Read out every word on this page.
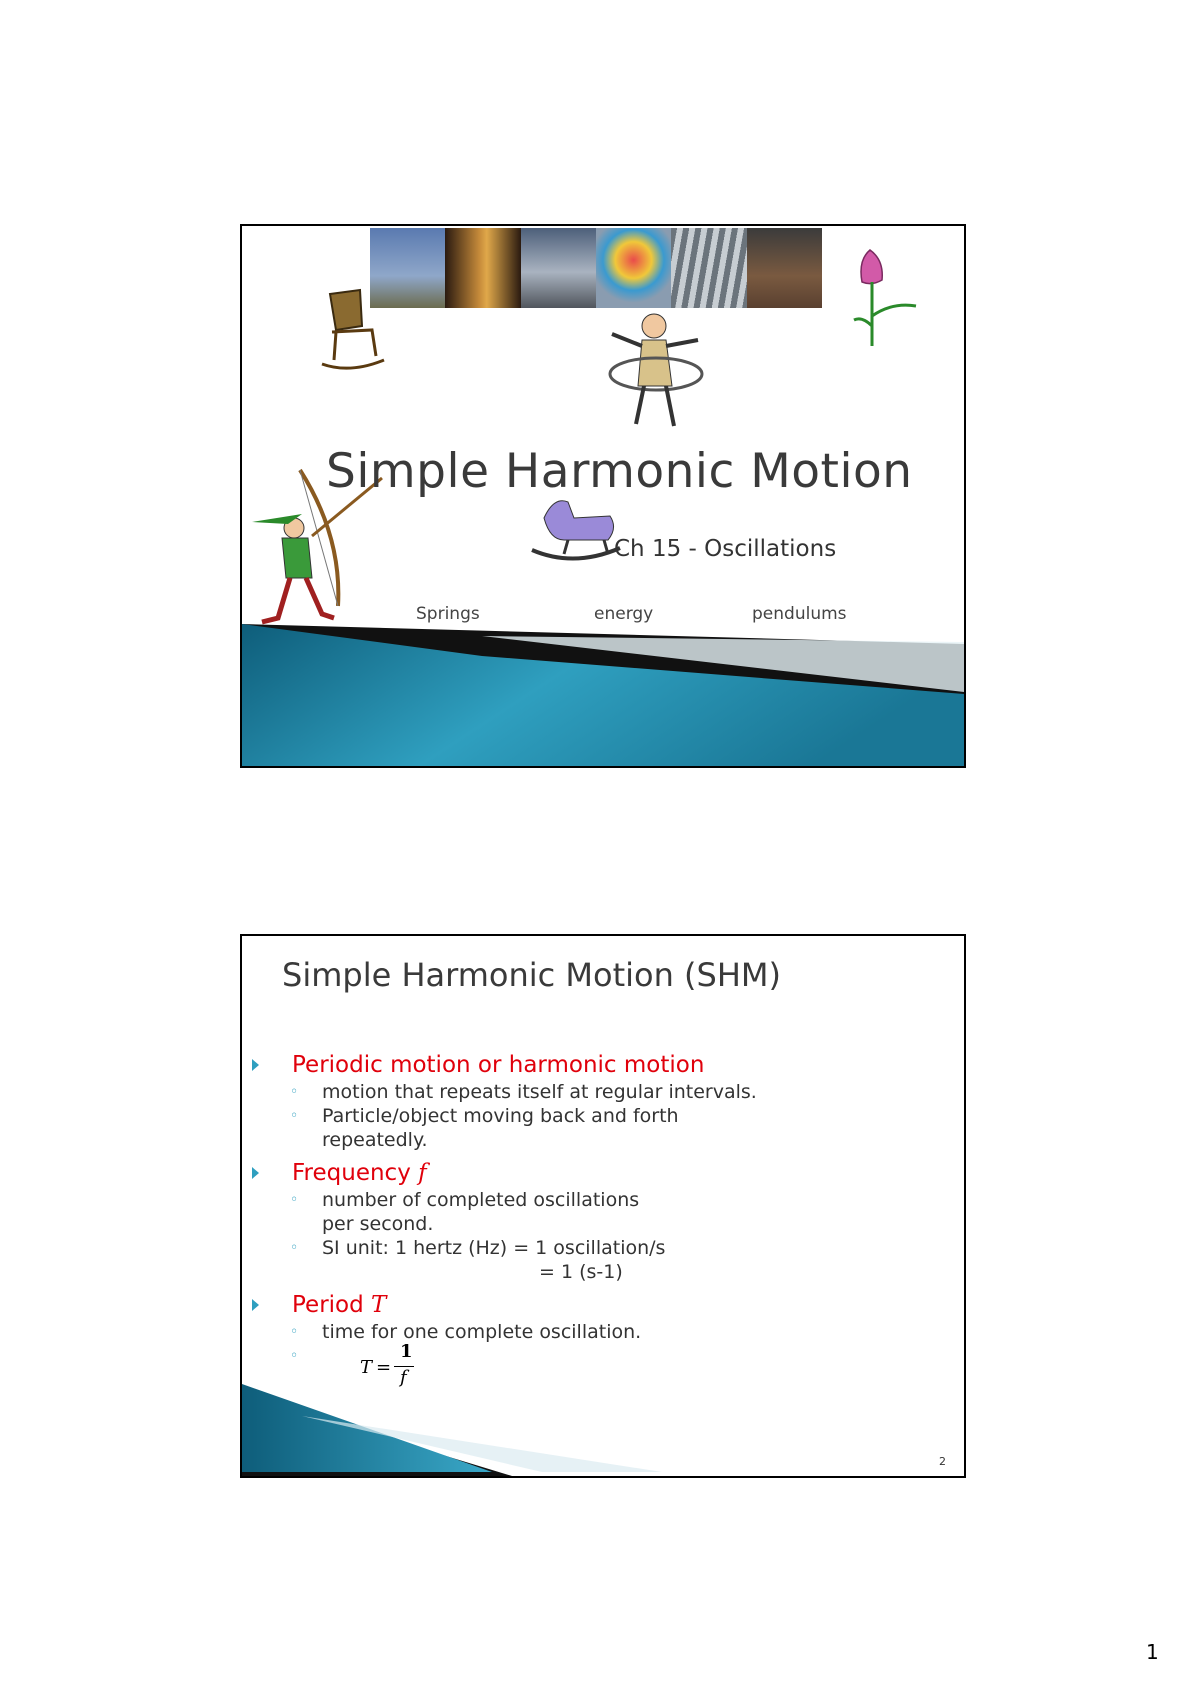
Simple Harmonic Motion
Ch 15 - Oscillations
Springs	energy	pendulums
Simple Harmonic Motion (SHM)
Periodic motion or harmonic motion
◦ motion that repeats itself at regular intervals.
◦ Particle/object moving back and forth
repeatedly.
Frequency f
◦ number of completed oscillations
per second.
◦ SI unit: 1 hertz (Hz) = 1 oscillation/s
= 1 (s-1)
Period T
◦ time for one complete oscillation.
◦
T =
1
f
2
1
